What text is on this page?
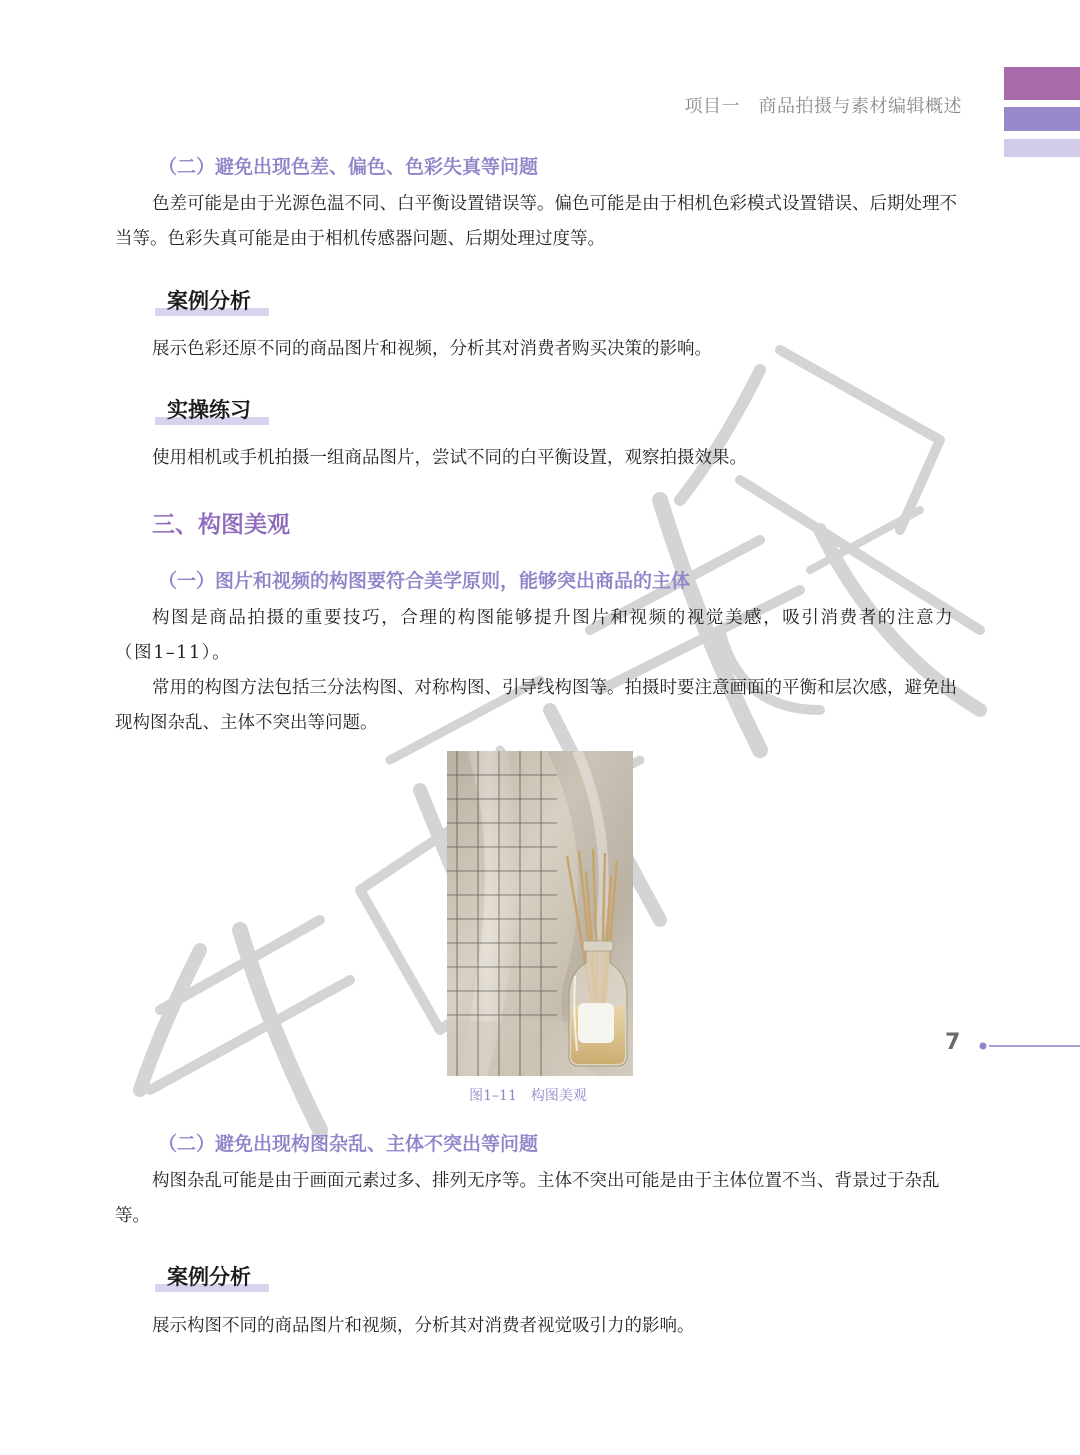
项目一　 商品拍摄与素材编辑概述
（二）避免出现色差、偏色、色彩失真等问题

色差可能是由于光源色温不同、白平衡设置错误等。偏色可能是由于相机色彩模式设置错误、后期处理不当等。色彩失真可能是由于相机传感器问题、后期处理过度等。

案例分析

展示色彩还原不同的商品图片和视频，分析其对消费者购买决策的影响。

实操练习

使用相机或手机拍摄一组商品图片，尝试不同的白平衡设置，观察拍摄效果。

三、构图美观
（一）图片和视频的构图要符合美学原则，能够突出商品的主体

构图是商品拍摄的重要技巧，合理的构图能够提升图片和视频的视觉美感，吸引消费者的注意力（图1–11）。

常用的构图方法包括三分法构图、对称构图、引导线构图等。拍摄时要注意画面的平衡和层次感，避免出现构图杂乱、主体不突出等问题。

图1–11　构图美观
（二）避免出现构图杂乱、主体不突出等问题

构图杂乱可能是由于画面元素过多、排列无序等。主体不突出可能是由于主体位置不当、背景过于杂乱等。

案例分析

展示构图不同的商品图片和视频，分析其对消费者视觉吸引力的影响。

7
